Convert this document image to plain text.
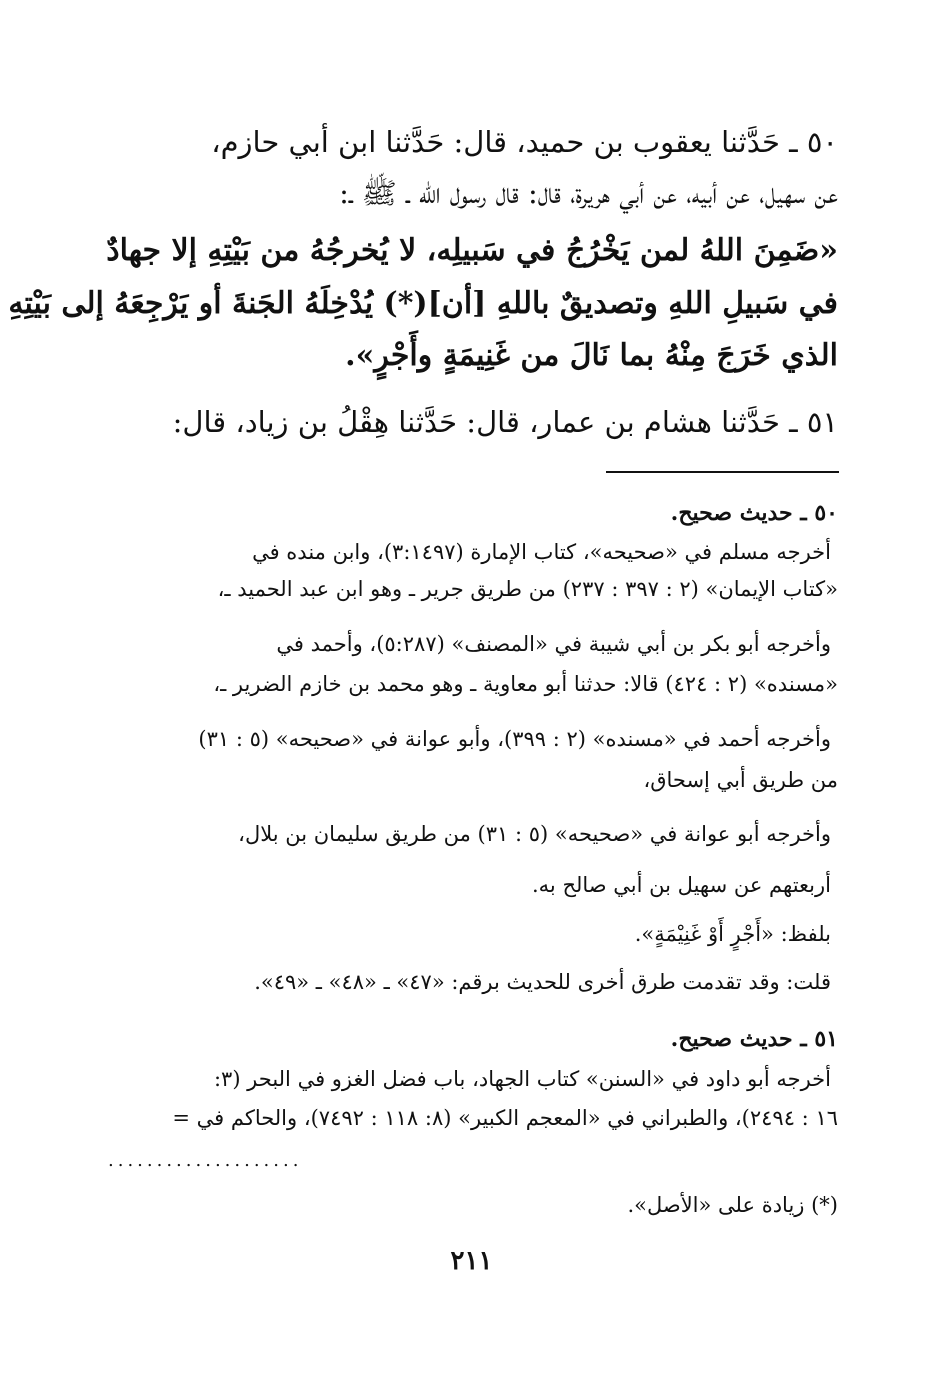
٥٠ ـ حَدَّثنا يعقوب بن حميد، قال: حَدَّثنا ابن أبي حازم،
عن سهيل، عن أبيه، عن أبي هريرة، قال: قال رسول الله ـ ﷺ ـ:
«ضَمِنَ اللهُ لمن يَخْرُجُ في سَبيلِه، لا يُخرجُهُ من بَيْتِهِ إلا جهادٌ
في سَبيلِ اللهِ وتصديقٌ باللهِ [أن](*) يُدْخِلَهُ الجَنةَ أو يَرْجِعَهُ إلى بَيْتِهِ
الذي خَرَجَ مِنْهُ بما نَالَ من غَنِيمَةٍ وأَجْرٍ».
٥١ ـ حَدَّثنا هشام بن عمار، قال: حَدَّثنا هِقْلُ بن زياد، قال:
٥٠ ـ حديث صحيح.
أخرجه مسلم في «صحيحه»، كتاب الإمارة (٣:١٤٩٧)، وابن منده في
«كتاب الإيمان» (٢ : ٣٩٧ : ٢٣٧) من طريق جرير ـ وهو ابن عبد الحميد ـ،
وأخرجه أبو بكر بن أبي شيبة في «المصنف» (٥:٢٨٧)، وأحمد في
«مسنده» (٢ : ٤٢٤) قالا: حدثنا أبو معاوية ـ وهو محمد بن خازم الضرير ـ،
وأخرجه أحمد في «مسنده» (٢ : ٣٩٩)، وأبو عوانة في «صحيحه» (٥ : ٣١)
من طريق أبي إسحاق،
وأخرجه أبو عوانة في «صحيحه» (٥ : ٣١) من طريق سليمان بن بلال،
أربعتهم عن سهيل بن أبي صالح به.
بلفظ: «أَجْرٍ أَوْ غَنِيْمَةٍ».
قلت: وقد تقدمت طرق أخرى للحديث برقم: «٤٧» ـ «٤٨» ـ «٤٩».
٥١ ـ حديث صحيح.
أخرجه أبو داود في «السنن» كتاب الجهاد، باب فضل الغزو في البحر (٣:
١٦ : ٢٤٩٤)، والطبراني في «المعجم الكبير» (٨: ١١٨ : ٧٤٩٢)، والحاكم في =
....................
(*) زيادة على «الأصل».
٢١١
